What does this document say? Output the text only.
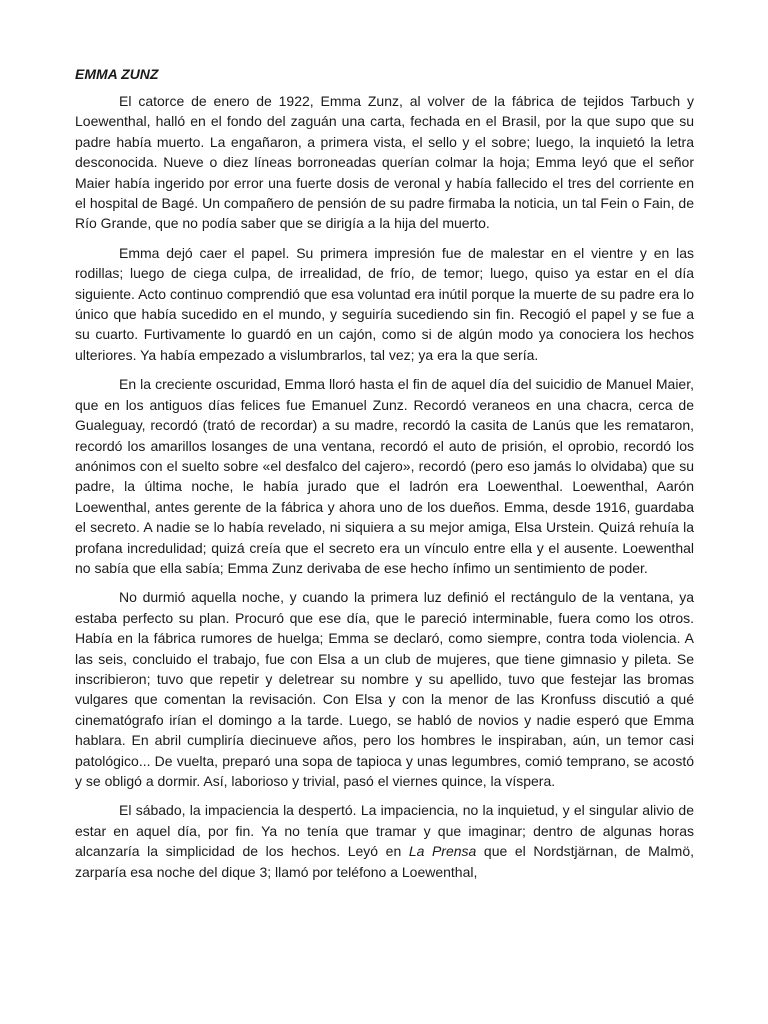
EMMA ZUNZ

El catorce de enero de 1922, Emma Zunz, al volver de la fábrica de tejidos Tarbuch y Loewenthal, halló en el fondo del zaguán una carta, fechada en el Brasil, por la que supo que su padre había muerto. La engañaron, a primera vista, el sello y el sobre; luego, la inquietó la letra desconocida. Nueve o diez líneas borroneadas querían colmar la hoja; Emma leyó que el señor Maier había ingerido por error una fuerte dosis de veronal y había fallecido el tres del corriente en el hospital de Bagé. Un compañero de pensión de su padre firmaba la noticia, un tal Fein o Fain, de Río Grande, que no podía saber que se dirigía a la hija del muerto.

Emma dejó caer el papel. Su primera impresión fue de malestar en el vientre y en las rodillas; luego de ciega culpa, de irrealidad, de frío, de temor; luego, quiso ya estar en el día siguiente. Acto continuo comprendió que esa voluntad era inútil porque la muerte de su padre era lo único que había sucedido en el mundo, y seguiría sucediendo sin fin. Recogió el papel y se fue a su cuarto. Furtivamente lo guardó en un cajón, como si de algún modo ya conociera los hechos ulteriores. Ya había empezado a vislumbrarlos, tal vez; ya era la que sería.

En la creciente oscuridad, Emma lloró hasta el fin de aquel día del suicidio de Manuel Maier, que en los antiguos días felices fue Emanuel Zunz. Recordó veraneos en una chacra, cerca de Gualeguay, recordó (trató de recordar) a su madre, recordó la casita de Lanús que les remataron, recordó los amarillos losanges de una ventana, recordó el auto de prisión, el oprobio, recordó los anónimos con el suelto sobre «el desfalco del cajero», recordó (pero eso jamás lo olvidaba) que su padre, la última noche, le había jurado que el ladrón era Loewenthal. Loewenthal, Aarón Loewenthal, antes gerente de la fábrica y ahora uno de los dueños. Emma, desde 1916, guardaba el secreto. A nadie se lo había revelado, ni siquiera a su mejor amiga, Elsa Urstein. Quizá rehuía la profana incredulidad; quizá creía que el secreto era un vínculo entre ella y el ausente. Loewenthal no sabía que ella sabía; Emma Zunz derivaba de ese hecho ínfimo un sentimiento de poder.

No durmió aquella noche, y cuando la primera luz definió el rectángulo de la ventana, ya estaba perfecto su plan. Procuró que ese día, que le pareció interminable, fuera como los otros. Había en la fábrica rumores de huelga; Emma se declaró, como siempre, contra toda violencia. A las seis, concluido el trabajo, fue con Elsa a un club de mujeres, que tiene gimnasio y pileta. Se inscribieron; tuvo que repetir y deletrear su nombre y su apellido, tuvo que festejar las bromas vulgares que comentan la revisación. Con Elsa y con la menor de las Kronfuss discutió a qué cinematógrafo irían el domingo a la tarde. Luego, se habló de novios y nadie esperó que Emma hablara. En abril cumpliría diecinueve años, pero los hombres le inspiraban, aún, un temor casi patológico... De vuelta, preparó una sopa de tapioca y unas legumbres, comió temprano, se acostó y se obligó a dormir. Así, laborioso y trivial, pasó el viernes quince, la víspera.

El sábado, la impaciencia la despertó. La impaciencia, no la inquietud, y el singular alivio de estar en aquel día, por fin. Ya no tenía que tramar y que imaginar; dentro de algunas horas alcanzaría la simplicidad de los hechos. Leyó en La Prensa que el Nordstjärnan, de Malmö, zarparía esa noche del dique 3; llamó por teléfono a Loewenthal,
